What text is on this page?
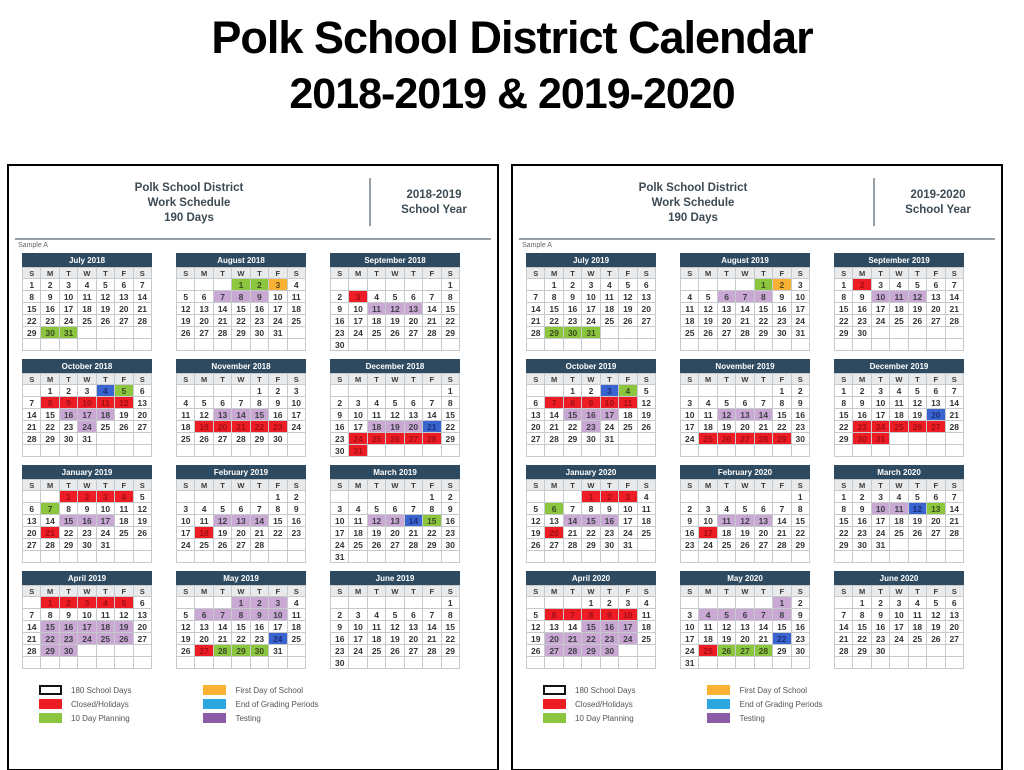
Polk School District Calendar
2018-2019 & 2019-2020
Polk School District
Work Schedule
190 Days
2018-2019
School Year
Sample A
July 2018
S	M	T	W	T	F	S
1	2	3	4	5	6	7
8	9	10	11	12	13	14
15	16	17	18	19	20	21
22	23	24	25	26	27	28
29	30	31				

August 2018
S	M	T	W	T	F	S
			1	2	3	4
5	6	7	8	9	10	11
12	13	14	15	16	17	18
19	20	21	22	23	24	25
26	27	28	29	30	31	

September 2018
S	M	T	W	T	F	S
						1
2	3	4	5	6	7	8
9	10	11	12	13	14	15
16	17	18	19	20	21	22
23	24	25	26	27	28	29
30						
October 2018
S	M	T	W	T	F	S
	1	2	3	4	5	6
7	8	9	10	11	12	13
14	15	16	17	18	19	20
21	22	23	24	25	26	27
28	29	30	31			

November 2018
S	M	T	W	T	F	S
				1	2	3
4	5	6	7	8	9	10
11	12	13	14	15	16	17
18	19	20	21	22	23	24
25	26	27	28	29	30	

December 2018
S	M	T	W	T	F	S
						1
2	3	4	5	6	7	8
9	10	11	12	13	14	15
16	17	18	19	20	21	22
23	24	25	26	27	28	29
30	31					
January 2019
S	M	T	W	T	F	S
		1	2	3	4	5
6	7	8	9	10	11	12
13	14	15	16	17	18	19
20	21	22	23	24	25	26
27	28	29	30	31		

February 2019
S	M	T	W	T	F	S
					1	2
3	4	5	6	7	8	9
10	11	12	13	14	15	16
17	18	19	20	21	22	23
24	25	26	27	28		

March 2019
S	M	T	W	T	F	S
					1	2
3	4	5	6	7	8	9
10	11	12	13	14	15	16
17	18	19	20	21	22	23
24	25	26	27	28	29	30
31						
April 2019
S	M	T	W	T	F	S
	1	2	3	4	5	6
7	8	9	10	11	12	13
14	15	16	17	18	19	20
21	22	23	24	25	26	27
28	29	30				

May 2019
S	M	T	W	T	F	S
			1	2	3	4
5	6	7	8	9	10	11
12	13	14	15	16	17	18
19	20	21	22	23	24	25
26	27	28	29	30	31	

June 2019
S	M	T	W	T	F	S
						1
2	3	4	5	6	7	8
9	10	11	12	13	14	15
16	17	18	19	20	21	22
23	24	25	26	27	28	29
30						
180 School Days
Closed/Holidays
10 Day Planning
First Day of School
End of Grading Periods
Testing
Polk School District
Work Schedule
190 Days
2019-2020
School Year
Sample A
July 2019
S	M	T	W	T	F	S
	1	2	3	4	5	6
7	8	9	10	11	12	13
14	15	16	17	18	19	20
21	22	23	24	25	26	27
28	29	30	31			

August 2019
S	M	T	W	T	F	S
				1	2	3
4	5	6	7	8	9	10
11	12	13	14	15	16	17
18	19	20	21	22	23	24
25	26	27	28	29	30	31

September 2019
S	M	T	W	T	F	S
1	2	3	4	5	6	7
8	9	10	11	12	13	14
15	16	17	18	19	20	21
22	23	24	25	26	27	28
29	30					

October 2019
S	M	T	W	T	F	S
		1	2	3	4	5
6	7	8	9	10	11	12
13	14	15	16	17	18	19
20	21	22	23	24	25	26
27	28	29	30	31		

November 2019
S	M	T	W	T	F	S
					1	2
3	4	5	6	7	8	9
10	11	12	13	14	15	16
17	18	19	20	21	22	23
24	25	26	27	28	29	30

December 2019
S	M	T	W	T	F	S
1	2	3	4	5	6	7
8	9	10	11	12	13	14
15	16	17	18	19	20	21
22	23	24	25	26	27	28
29	30	31				

January 2020
S	M	T	W	T	F	S
			1	2	3	4
5	6	7	8	9	10	11
12	13	14	15	16	17	18
19	20	21	22	23	24	25
26	27	28	29	30	31	

February 2020
S	M	T	W	T	F	S
						1
2	3	4	5	6	7	8
9	10	11	12	13	14	15
16	17	18	19	20	21	22
23	24	25	26	27	28	29

March 2020
S	M	T	W	T	F	S
1	2	3	4	5	6	7
8	9	10	11	12	13	14
15	16	17	18	19	20	21
22	23	24	25	26	27	28
29	30	31				

April 2020
S	M	T	W	T	F	S
			1	2	3	4
5	6	7	8	9	10	11
12	13	14	15	16	17	18
19	20	21	22	23	24	25
26	27	28	29	30		

May 2020
S	M	T	W	T	F	S
					1	2
3	4	5	6	7	8	9
10	11	12	13	14	15	16
17	18	19	20	21	22	23
24	25	26	27	28	29	30
31						
June 2020
S	M	T	W	T	F	S
	1	2	3	4	5	6
7	8	9	10	11	12	13
14	15	16	17	18	19	20
21	22	23	24	25	26	27
28	29	30				

180 School Days
Closed/Holidays
10 Day Planning
First Day of School
End of Grading Periods
Testing
